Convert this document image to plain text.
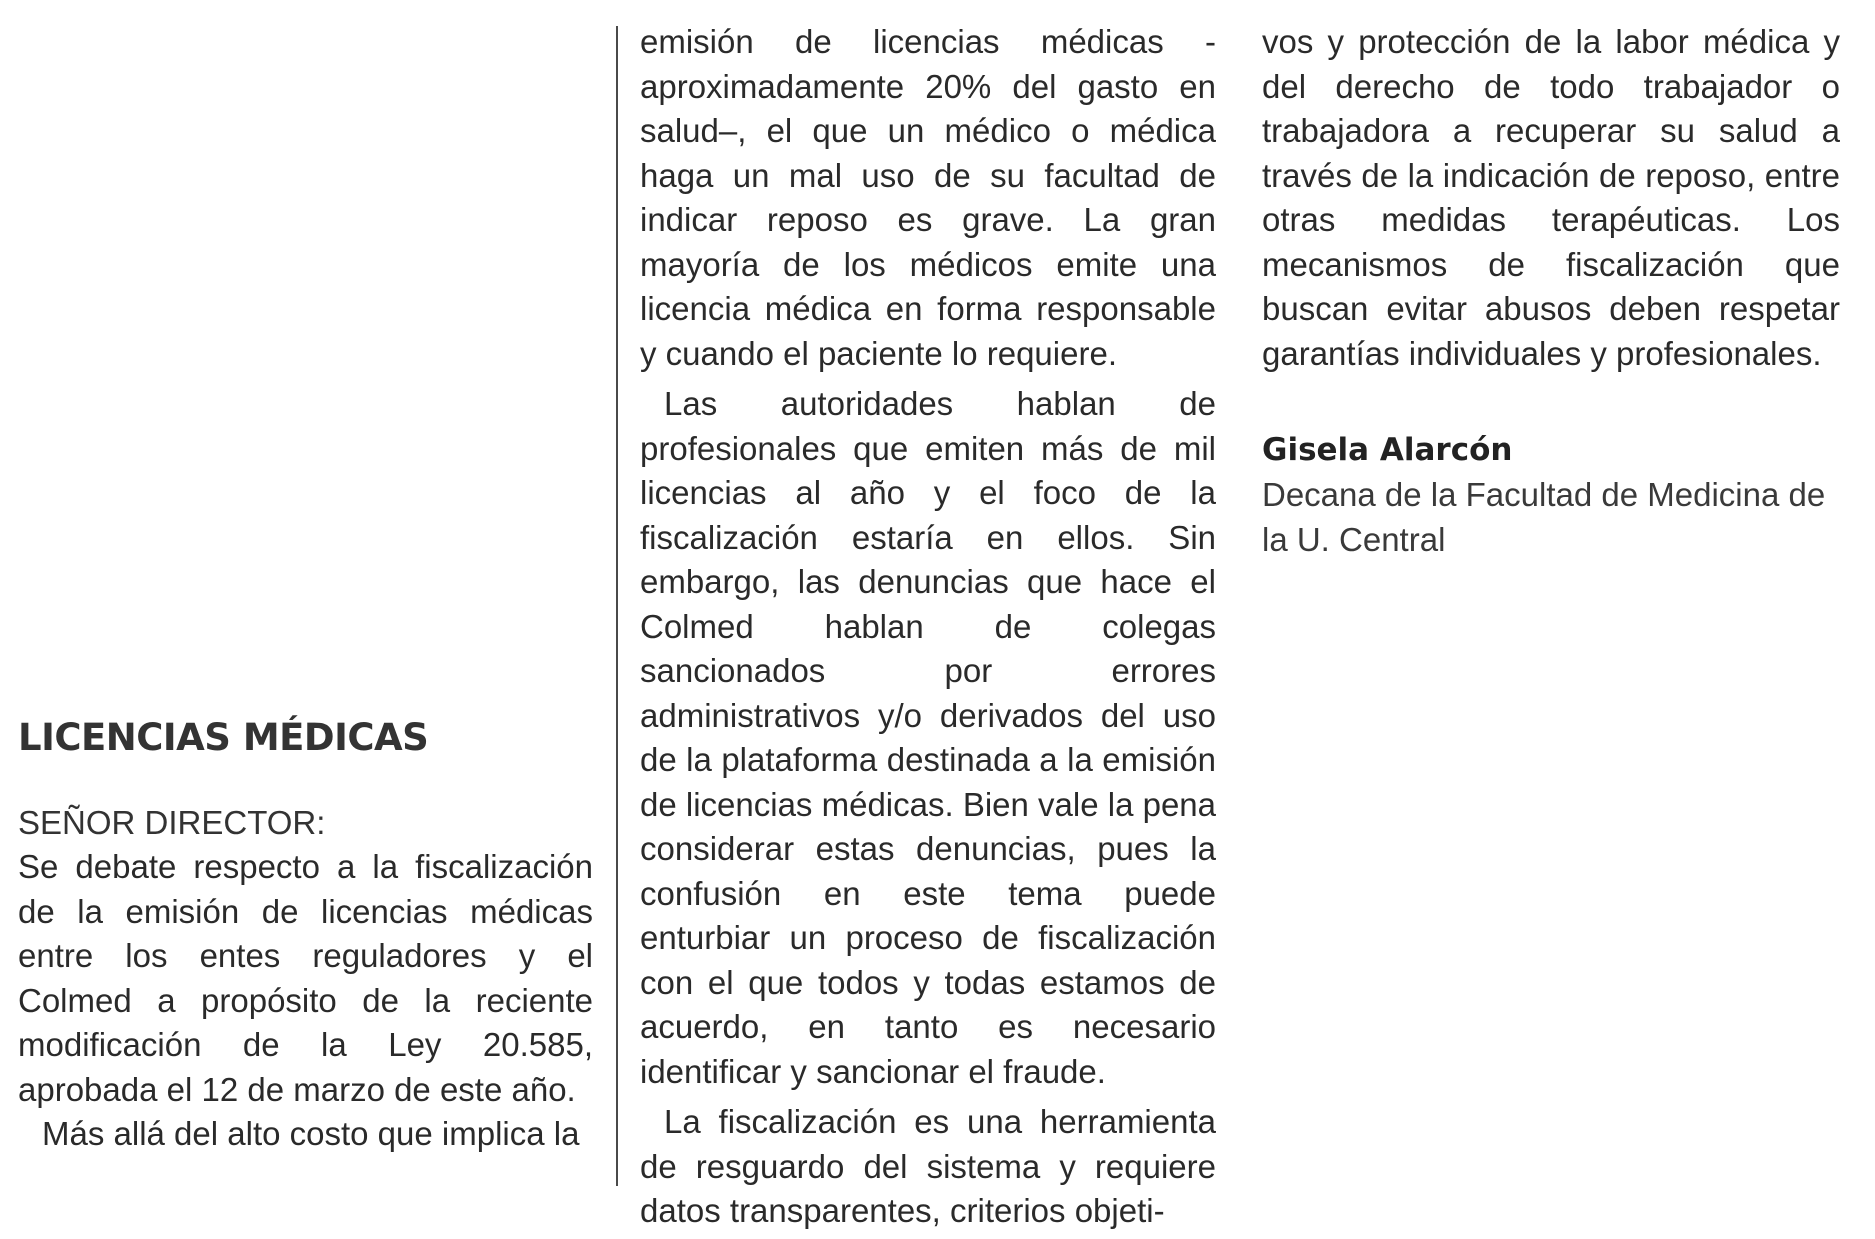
LICENCIAS MÉDICAS
SEÑOR DIRECTOR:

Se debate respecto a la fiscalización de la emisión de licencias médicas entre los entes reguladores y el Colmed a propósito de la reciente modificación de la Ley 20.585, aprobada el 12 de marzo de este año.

Más allá del alto costo que implica la

emisión de licencias médicas -aproximadamente 20% del gasto en salud–, el que un médico o médica haga un mal uso de su facultad de indicar reposo es grave. La gran mayoría de los médicos emite una licencia médica en forma responsable y cuando el paciente lo requiere.

Las autoridades hablan de profesionales que emiten más de mil licencias al año y el foco de la fiscalización estaría en ellos. Sin embargo, las denuncias que hace el Colmed hablan de colegas sancionados por errores administrativos y/o derivados del uso de la plataforma destinada a la emisión de licencias médicas. Bien vale la pena considerar estas denuncias, pues la confusión en este tema puede enturbiar un proceso de fiscalización con el que todos y todas estamos de acuerdo, en tanto es necesario identificar y sancionar el fraude.

La fiscalización es una herramienta de resguardo del sistema y requiere datos transparentes, criterios objeti-

vos y protección de la labor médica y del derecho de todo trabajador o trabajadora a recuperar su salud a través de la indicación de reposo, entre otras medidas terapéuticas. Los mecanismos de fiscalización que buscan evitar abusos deben respetar garantías individuales y profesionales.

Gisela Alarcón
Decana de la Facultad de Medicina de la U. Central
